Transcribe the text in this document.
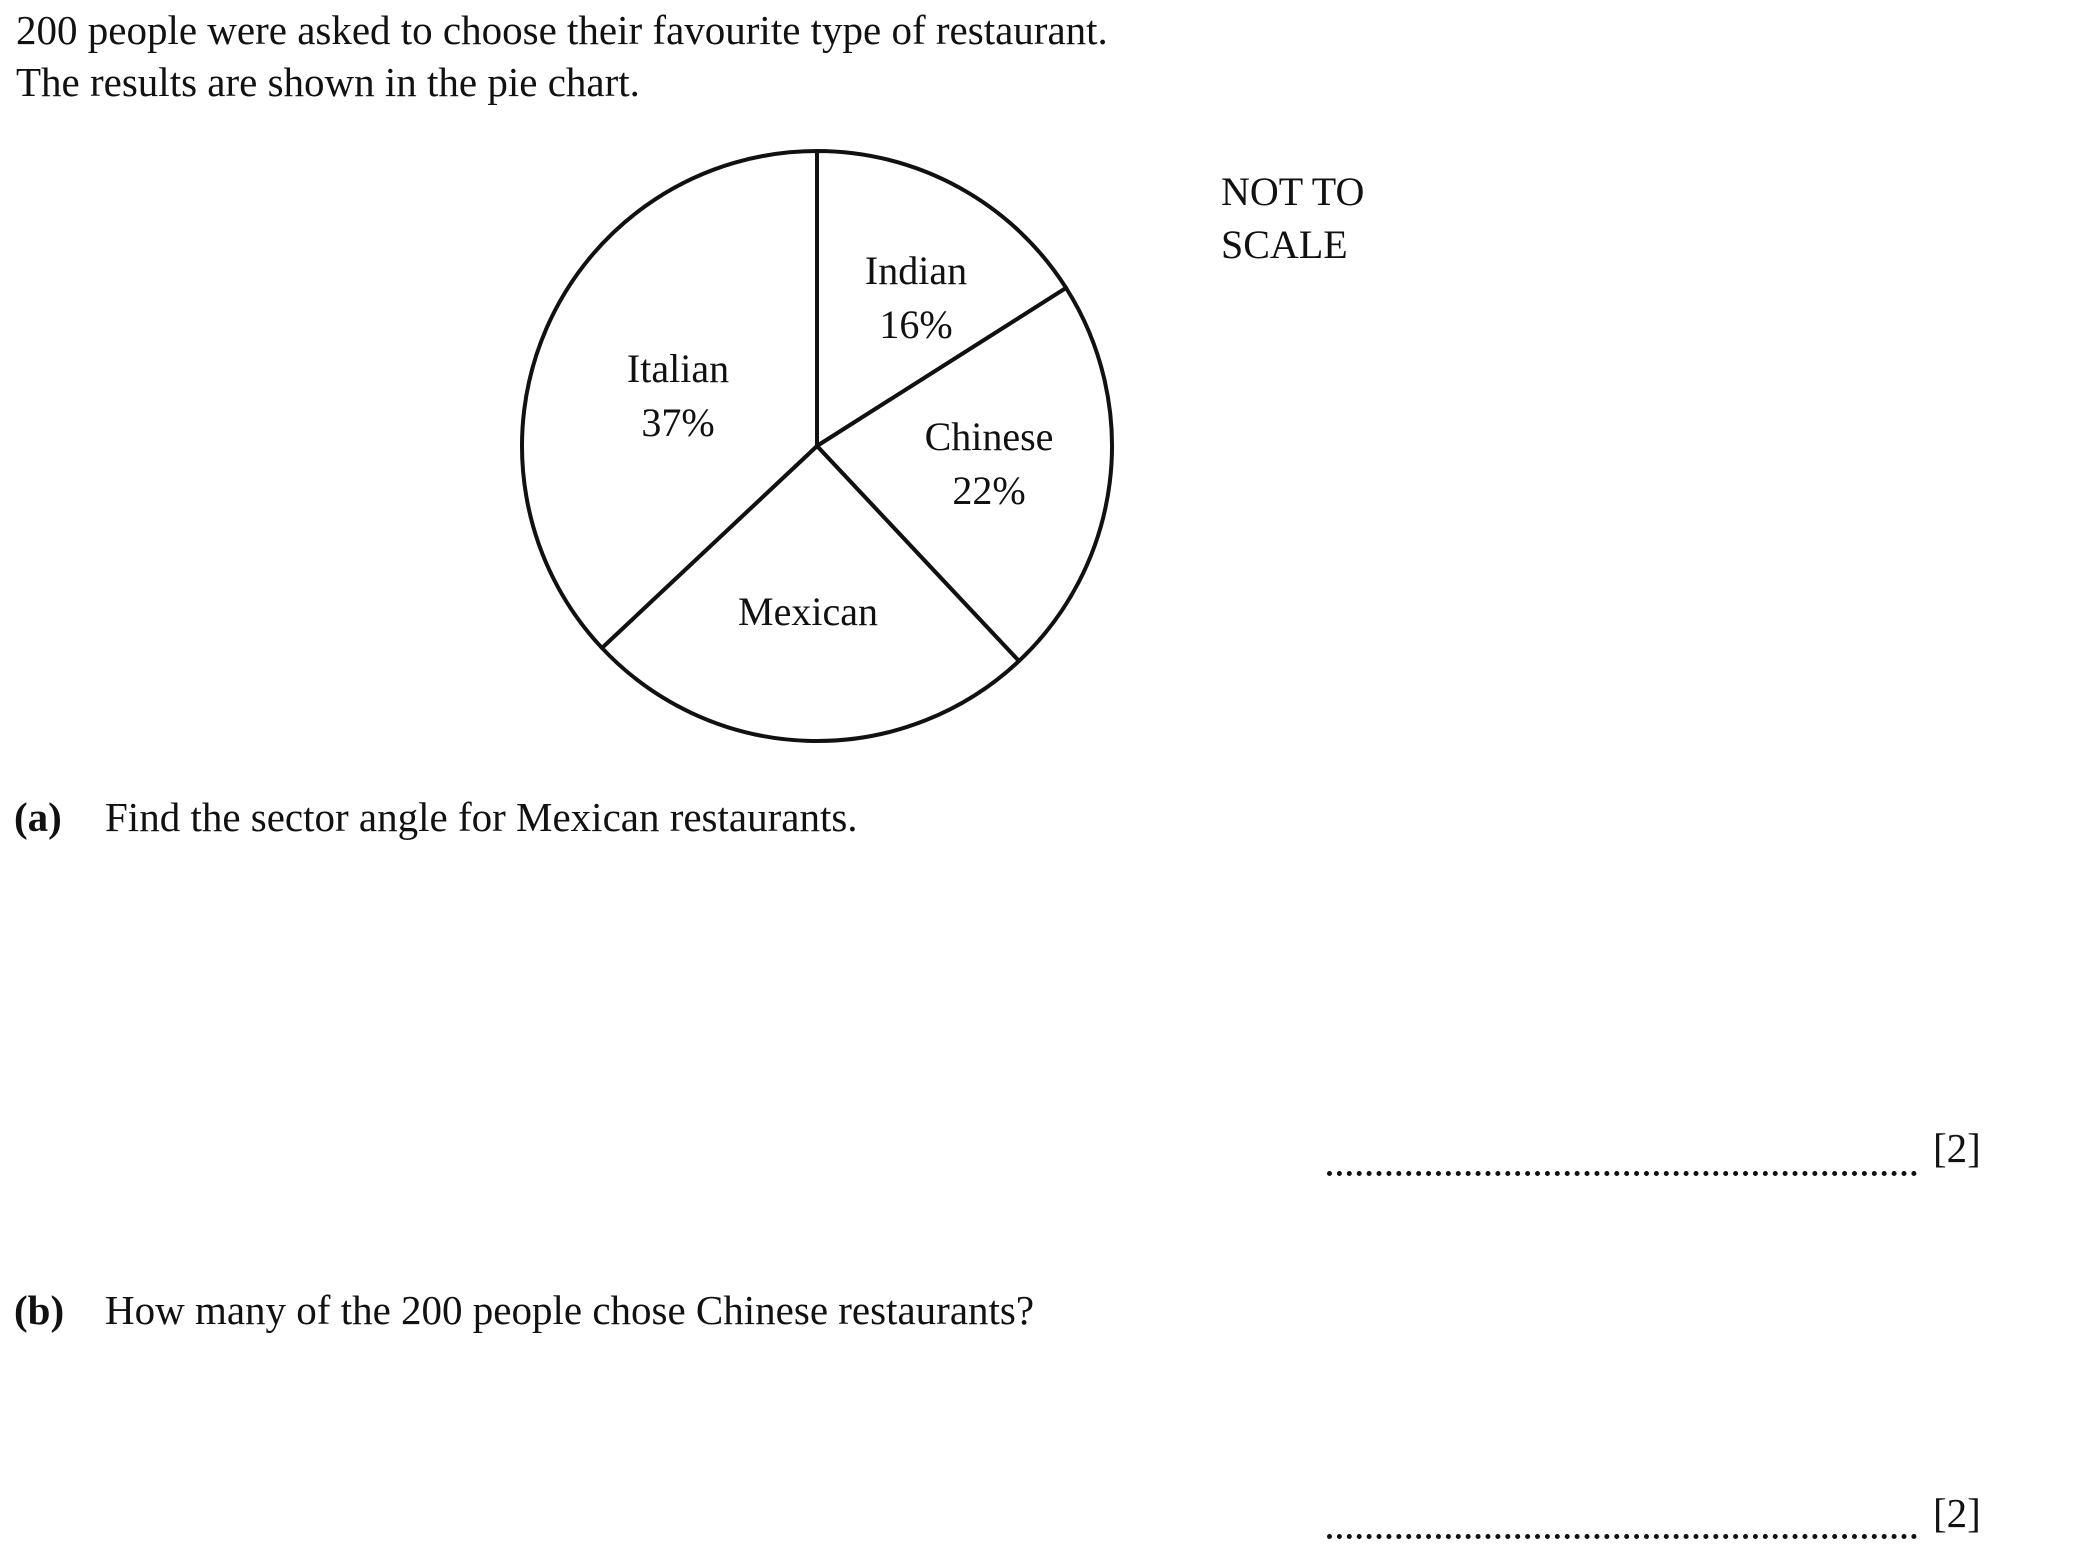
200 people were asked to choose their favourite type of restaurant.
The results are shown in the pie chart.
Indian
16%
Chinese
22%
Mexican
Italian
37%
NOT TO
SCALE
(a) Find the sector angle for Mexican restaurants.
[2]
(b) How many of the 200 people chose Chinese restaurants?
[2]
